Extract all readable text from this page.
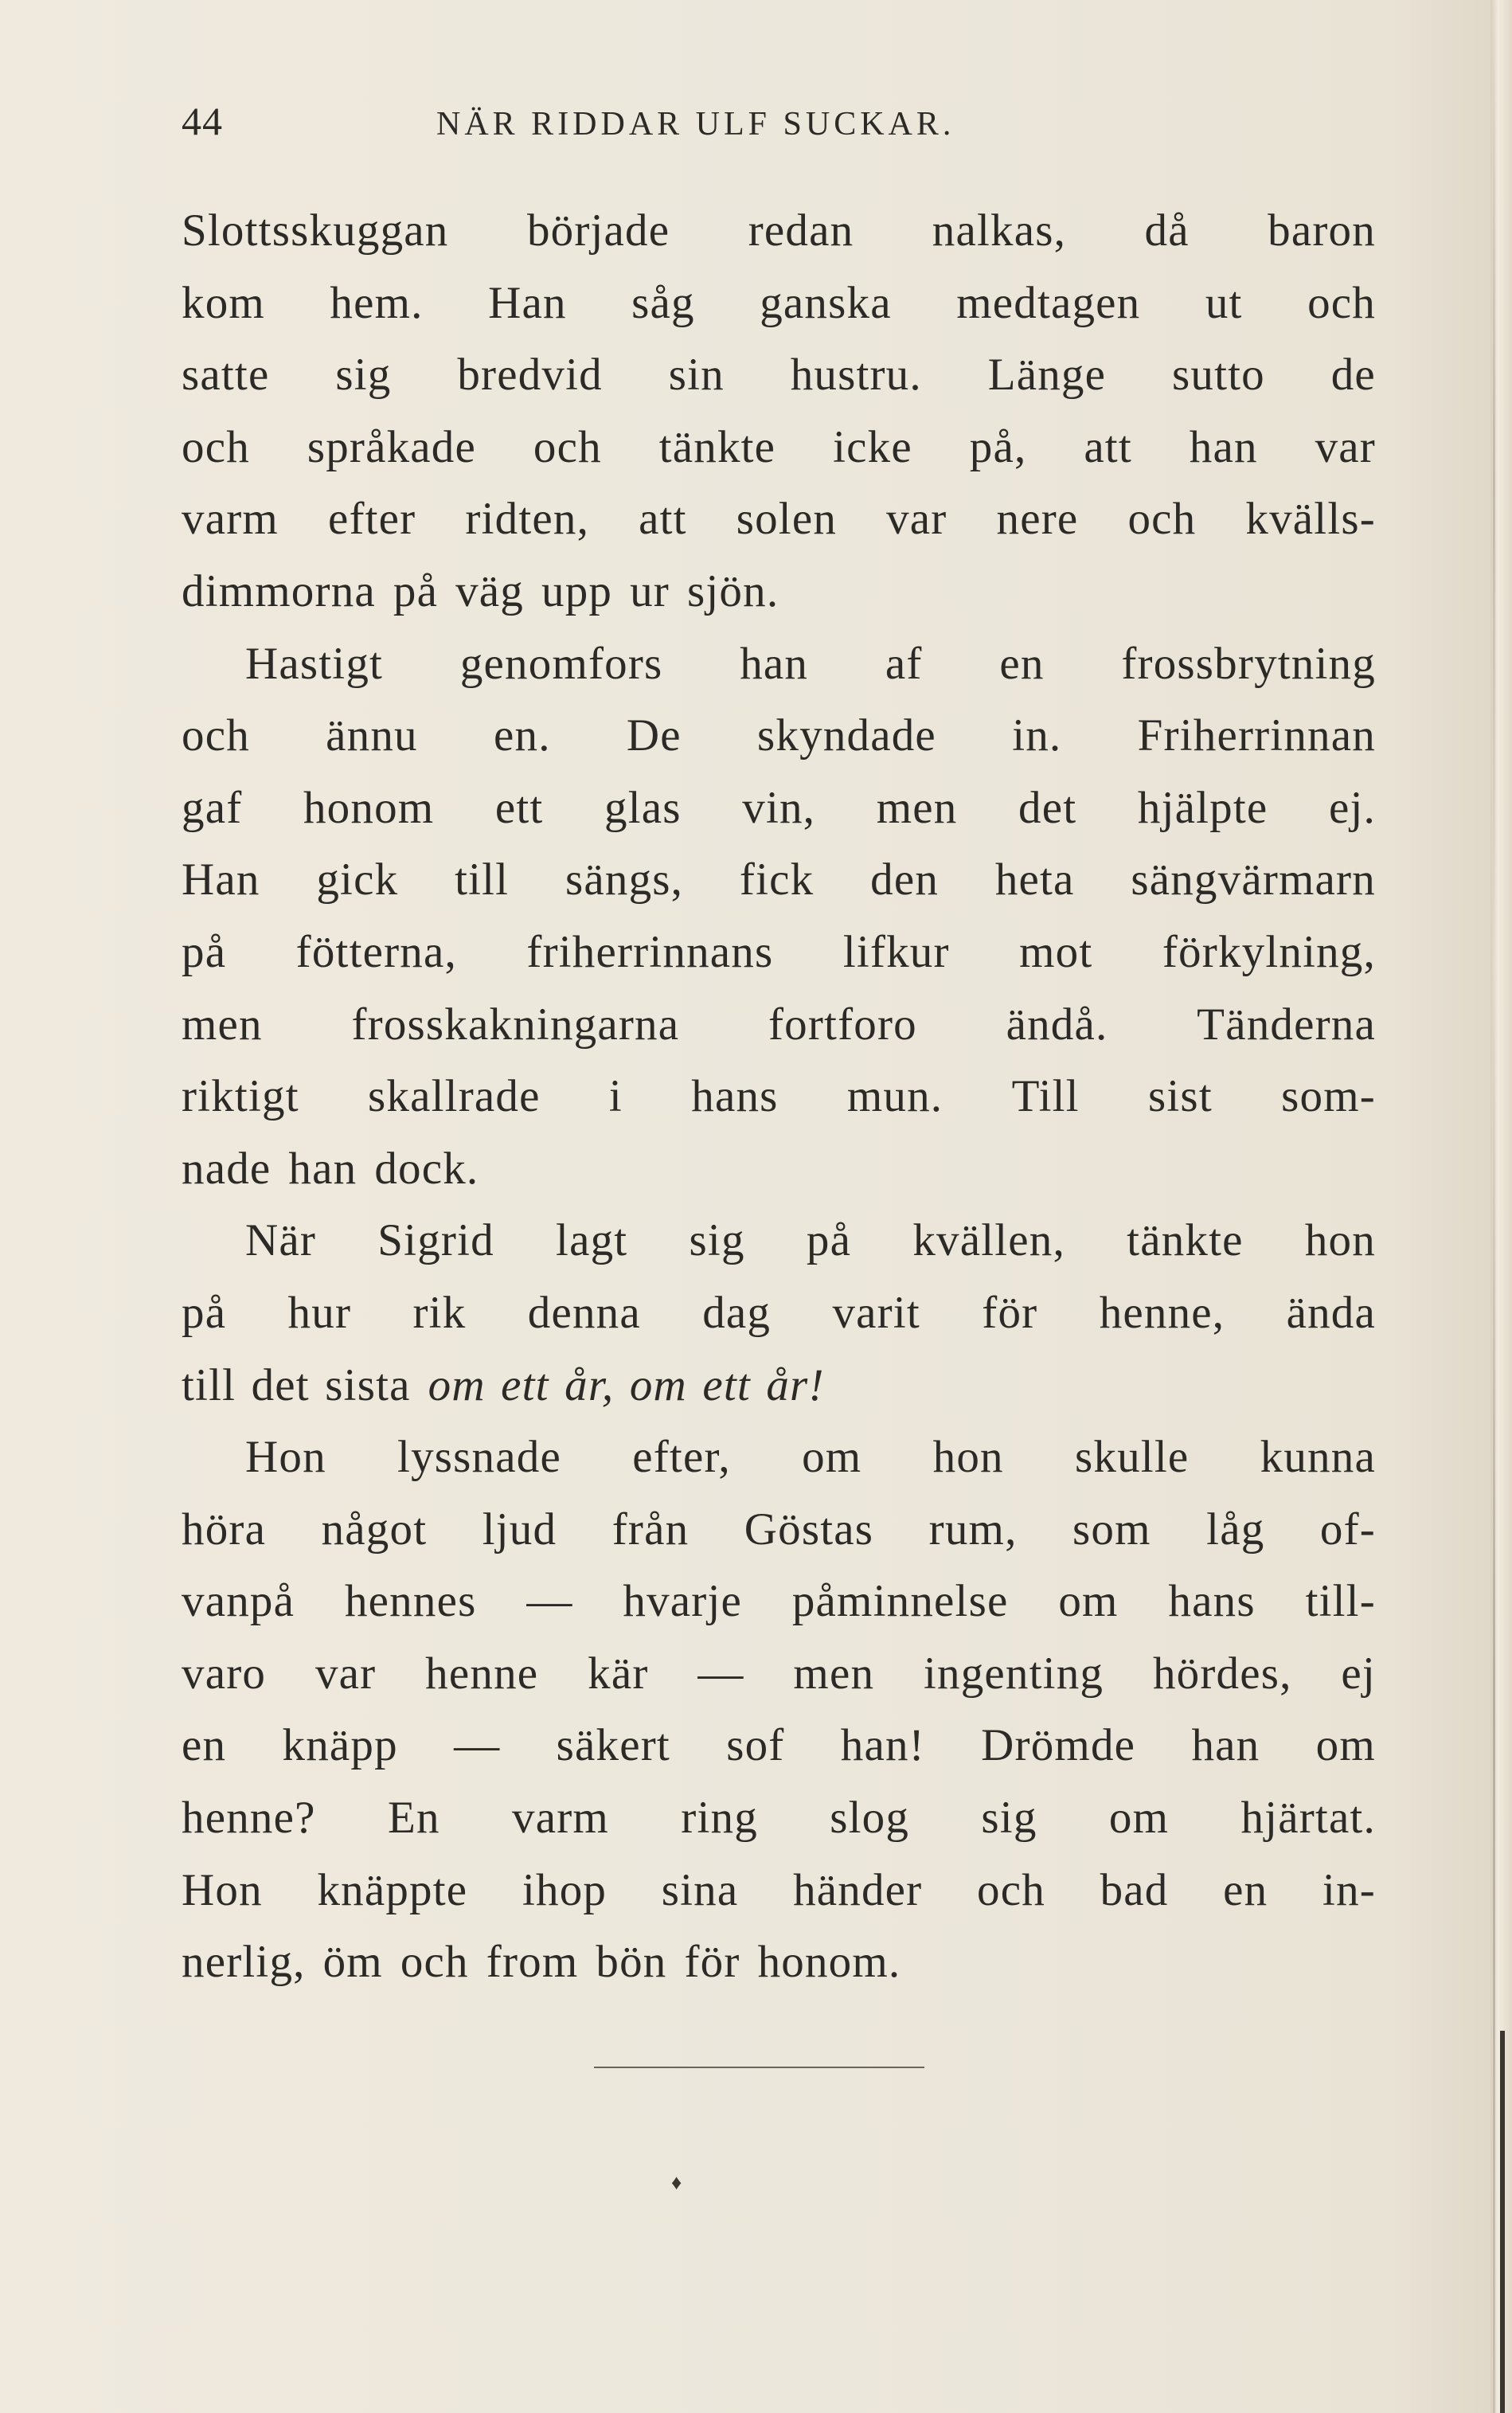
44	NÄR RIDDAR ULF SUCKAR.
Slottsskuggan började redan nalkas, då baron
kom hem. Han såg ganska medtagen ut och
satte sig bredvid sin hustru. Länge sutto de
och språkade och tänkte icke på, att han var
varm efter ridten, att solen var nere och kvälls-
dimmorna på väg upp ur sjön.
Hastigt genomfors han af en frossbrytning
och ännu en. De skyndade in. Friherrinnan
gaf honom ett glas vin, men det hjälpte ej.
Han gick till sängs, fick den heta sängvärmarn
på fötterna, friherrinnans lifkur mot förkylning,
men frosskakningarna fortforo ändå. Tänderna
riktigt skallrade i hans mun. Till sist som-
nade han dock.
När Sigrid lagt sig på kvällen, tänkte hon
på hur rik denna dag varit för henne, ända
till det sista om ett år, om ett år!
Hon lyssnade efter, om hon skulle kunna
höra något ljud från Göstas rum, som låg of-
vanpå hennes — hvarje påminnelse om hans till-
varo var henne kär — men ingenting hördes, ej
en knäpp — säkert sof han! Drömde han om
henne? En varm ring slog sig om hjärtat.
Hon knäppte ihop sina händer och bad en in-
nerlig, öm och from bön för honom.
♦
